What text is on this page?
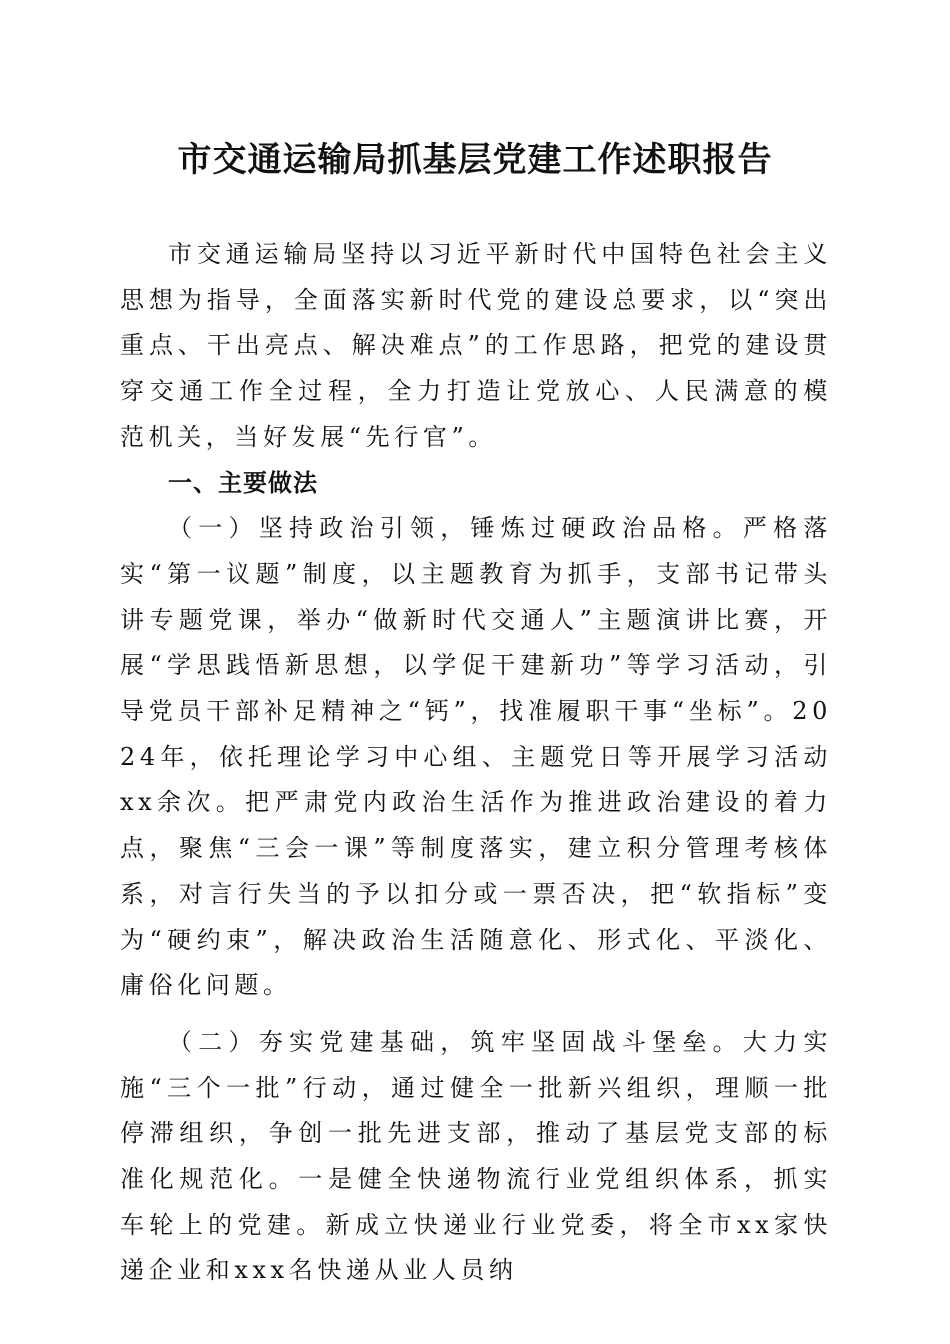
市交通运输局抓基层党建工作述职报告

市交通运输局坚持以习近平新时代中国特色社会主义思想为指导，全面落实新时代党的建设总要求，以“突出重点、干出亮点、解决难点”的工作思路，把党的建设贯穿交通工作全过程，全力打造让党放心、人民满意的模范机关，当好发展“先行官”。

一、主要做法

（一）坚持政治引领，锤炼过硬政治品格。严格落实“第一议题”制度，以主题教育为抓手，支部书记带头讲专题党课，举办“做新时代交通人”主题演讲比赛，开展“学思践悟新思想，以学促干建新功”等学习活动，引导党员干部补足精神之“钙”，找准履职干事“坐标”。2024年，依托理论学习中心组、主题党日等开展学习活动xx余次。把严肃党内政治生活作为推进政治建设的着力点，聚焦“三会一课”等制度落实，建立积分管理考核体系，对言行失当的予以扣分或一票否决，把“软指标”变为“硬约束”，解决政治生活随意化、形式化、平淡化、庸俗化问题。

（二）夯实党建基础，筑牢坚固战斗堡垒。大力实施“三个一批”行动，通过健全一批新兴组织，理顺一批停滞组织，争创一批先进支部，推动了基层党支部的标准化规范化。一是健全快递物流行业党组织体系，抓实车轮上的党建。新成立快递业行业党委，将全市xx家快递企业和xxx名快递从业人员纳
